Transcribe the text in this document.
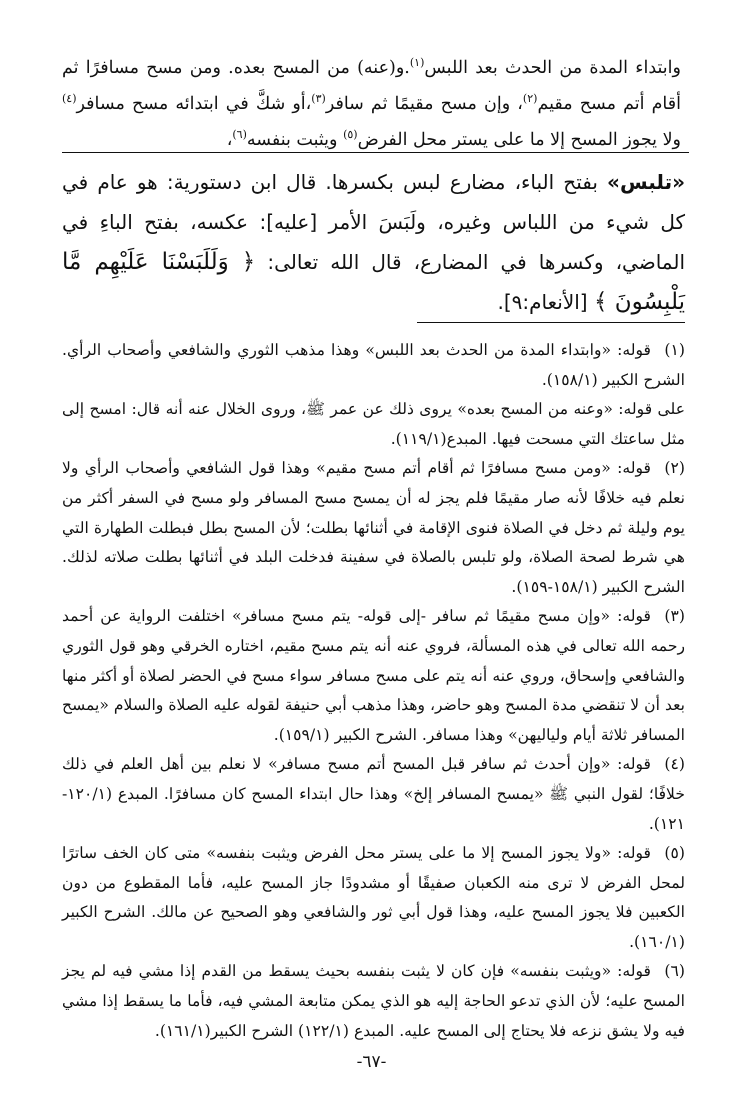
وابتداء المدة من الحدث بعد اللبس$^{(١)}$.و(عنه) من المسح بعده. ومن مسح مسافرًا ثم أقام أتم مسح مقيم$^{(٢)}$، وإن مسح مقيمًا ثم سافر$^{(٣)}$،أو شكَّ في ابتدائه مسح مسافر$^{(٤)}$ ولا يجوز المسح إلا ما على يستر محل الفرض$^{(٥)}$ ويثبت بنفسه$^{(٦)}$،
«تلبس» بفتح الباء، مضارع لبس بكسرها. قال ابن دستورية: هو عام في كل شيء من اللباس وغيره، ولَبَسَ الأمر [عليه]: عكسه، بفتح الباءِ في الماضي، وكسرها في المضارع، قال الله تعالى: ﴿ وَلَلَبَسْنَا عَلَيْهِم مَّا يَلْبِسُونَ ﴾ [الأنعام:٩].

(١)قوله: «وابتداء المدة من الحدث بعد اللبس» وهذا مذهب الثوري والشافعي وأصحاب الرأي. الشرح الكبير (١٥٨/١).

على قوله: «وعنه من المسح بعده» يروى ذلك عن عمر ﷺ، وروى الخلال عنه أنه قال: امسح إلى مثل ساعتك التي مسحت فيها. المبدع(١١٩/١).

(٢)قوله: «ومن مسح مسافرًا ثم أقام أتم مسح مقيم» وهذا قول الشافعي وأصحاب الرأي ولا نعلم فيه خلافًا لأنه صار مقيمًا فلم يجز له أن يمسح مسح المسافر ولو مسح في السفر أكثر من يوم وليلة ثم دخل في الصلاة فنوى الإقامة في أثنائها بطلت؛ لأن المسح بطل فبطلت الطهارة التي هي شرط لصحة الصلاة، ولو تلبس بالصلاة في سفينة فدخلت البلد في أثنائها بطلت صلاته لذلك. الشرح الكبير (١٥٨/١-١٥٩).

(٣)قوله: «وإن مسح مقيمًا ثم سافر -إلى قوله- يتم مسح مسافر» اختلفت الرواية عن أحمد رحمه الله تعالى في هذه المسألة، فروي عنه أنه يتم مسح مقيم، اختاره الخرقي وهو قول الثوري والشافعي وإسحاق، وروي عنه أنه يتم على مسح مسافر سواء مسح في الحضر لصلاة أو أكثر منها بعد أن لا تنقضي مدة المسح وهو حاضر، وهذا مذهب أبي حنيفة لقوله عليه الصلاة والسلام «يمسح المسافر ثلاثة أيام ولياليهن» وهذا مسافر. الشرح الكبير (١٥٩/١).

(٤)قوله: «وإن أحدث ثم سافر قبل المسح أتم مسح مسافر» لا نعلم بين أهل العلم في ذلك خلافًا؛ لقول النبي ﷺ «يمسح المسافر إلخ» وهذا حال ابتداء المسح كان مسافرًا. المبدع (١٢٠/١- ١٢١).

(٥)قوله: «ولا يجوز المسح إلا ما على يستر محل الفرض ويثبت بنفسه» متى كان الخف ساترًا لمحل الفرض لا ترى منه الكعبان صفيقًا أو مشدودًا جاز المسح عليه، فأما المقطوع من دون الكعبين فلا يجوز المسح عليه، وهذا قول أبي ثور والشافعي وهو الصحيح عن مالك. الشرح الكبير (١٦٠/١).

(٦)قوله: «ويثبت بنفسه» فإن كان لا يثبت بنفسه بحيث يسقط من القدم إذا مشي فيه لم يجز المسح عليه؛ لأن الذي تدعو الحاجة إليه هو الذي يمكن متابعة المشي فيه، فأما ما يسقط إذا مشي فيه ولا يشق نزعه فلا يحتاج إلى المسح عليه. المبدع (١٢٢/١) الشرح الكبير(١٦١/١).

-٦٧-
